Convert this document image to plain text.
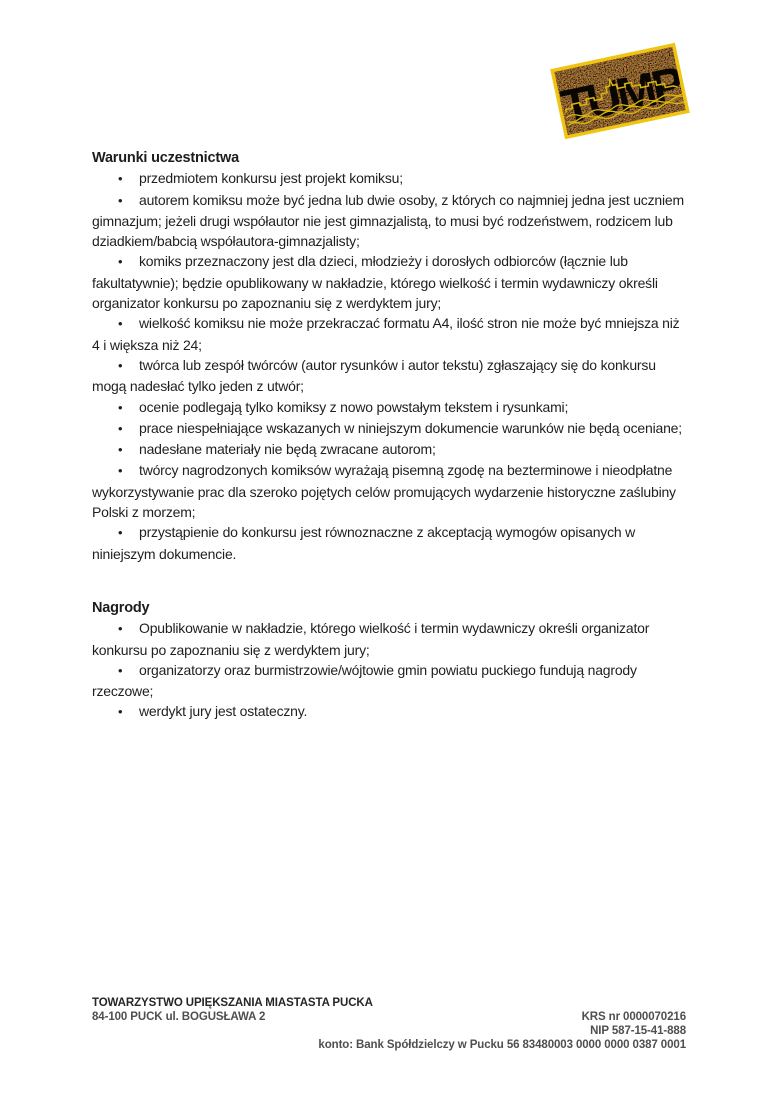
TUMP
Warunki uczestnictwa

• przedmiotem konkursu jest projekt komiksu;

• autorem komiksu może być jedna lub dwie osoby, z których co najmniej jedna jest uczniem gimnazjum; jeżeli drugi współautor nie jest gimnazjalistą, to musi być rodzeństwem, rodzicem lub dziadkiem/babcią współautora-gimnazjalisty;

• komiks przeznaczony jest dla dzieci, młodzieży i dorosłych odbiorców (łącznie lub fakultatywnie); będzie opublikowany w nakładzie, którego wielkość i termin wydawniczy określi organizator konkursu po zapoznaniu się z werdyktem jury;

• wielkość komiksu nie może przekraczać formatu A4, ilość stron nie może być mniejsza niż 4 i większa niż 24;

• twórca lub zespół twórców (autor rysunków i autor tekstu) zgłaszający się do konkursu mogą nadesłać tylko jeden z utwór;

• ocenie podlegają tylko komiksy z nowo powstałym tekstem i rysunkami;

• prace niespełniające wskazanych w niniejszym dokumencie warunków nie będą oceniane;

• nadesłane materiały nie będą zwracane autorom;

• twórcy nagrodzonych komiksów wyrażają pisemną zgodę na bezterminowe i nieodpłatne wykorzystywanie prac dla szeroko pojętych celów promujących wydarzenie historyczne zaślubiny Polski z morzem;

• przystąpienie do konkursu jest równoznaczne z akceptacją wymogów opisanych w niniejszym dokumencie.

Nagrody

• Opublikowanie w nakładzie, którego wielkość i termin wydawniczy określi organizator konkursu po zapoznaniu się z werdyktem jury;

• organizatorzy oraz burmistrzowie/wójtowie gmin powiatu puckiego fundują nagrody rzeczowe;

• werdykt jury jest ostateczny.

TOWARZYSTWO UPIĘKSZANIA MIASTASTA PUCKA
84-100 PUCK ul. BOGUSŁAWA 2	KRS nr 0000070216
NIP 587-15-41-888
konto: Bank Spółdzielczy w Pucku 56 83480003 0000 0000 0387 0001
